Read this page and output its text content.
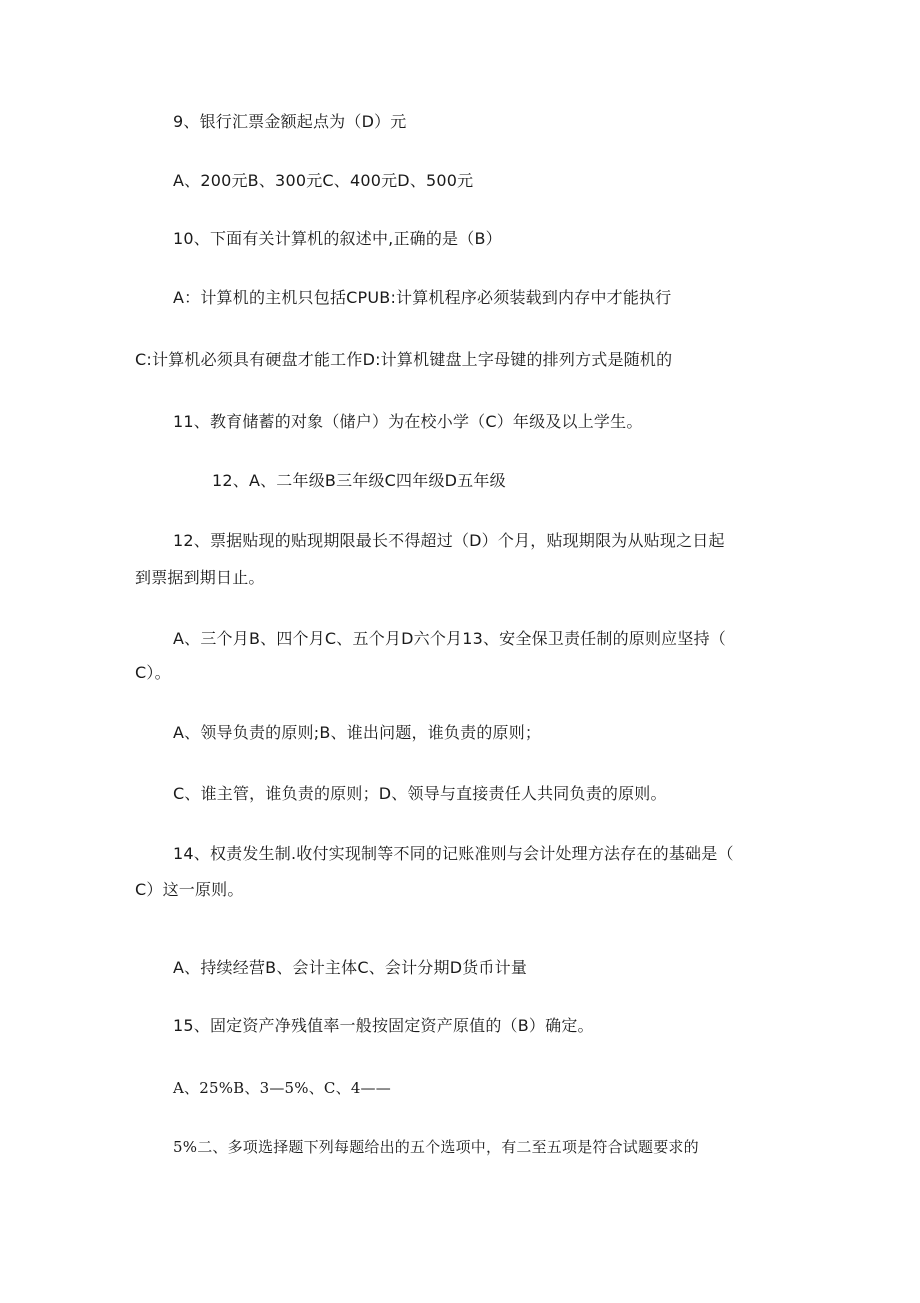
9、银行汇票金额起点为（D）元

A、200元B、300元C、400元D、500元

10、下面有关计算机的叙述中,正确的是（B）

A：计算机的主机只包括CPUB:计算机程序必须装载到内存中才能执行

C:计算机必须具有硬盘才能工作D:计算机键盘上字母键的排列方式是随机的

11、教育储蓄的对象（储户）为在校小学（C）年级及以上学生。

12、A、二年级B三年级C四年级D五年级

12、票据贴现的贴现期限最长不得超过（D）个月，贴现期限为从贴现之日起

到票据到期日止。

A、三个月B、四个月C、五个月D六个月13、安全保卫责任制的原则应坚持（

C）。

A、领导负责的原则;B、谁出问题，谁负责的原则；

C、谁主管，谁负责的原则；D、领导与直接责任人共同负责的原则。

14、权责发生制.收付实现制等不同的记账准则与会计处理方法存在的基础是（

C）这一原则。

A、持续经营B、会计主体C、会计分期D货币计量

15、固定资产净残值率一般按固定资产原值的（B）确定。

A、25%B、3—5%、C、4——

5%二、多项选择题下列每题给出的五个选项中，有二至五项是符合试题要求的
